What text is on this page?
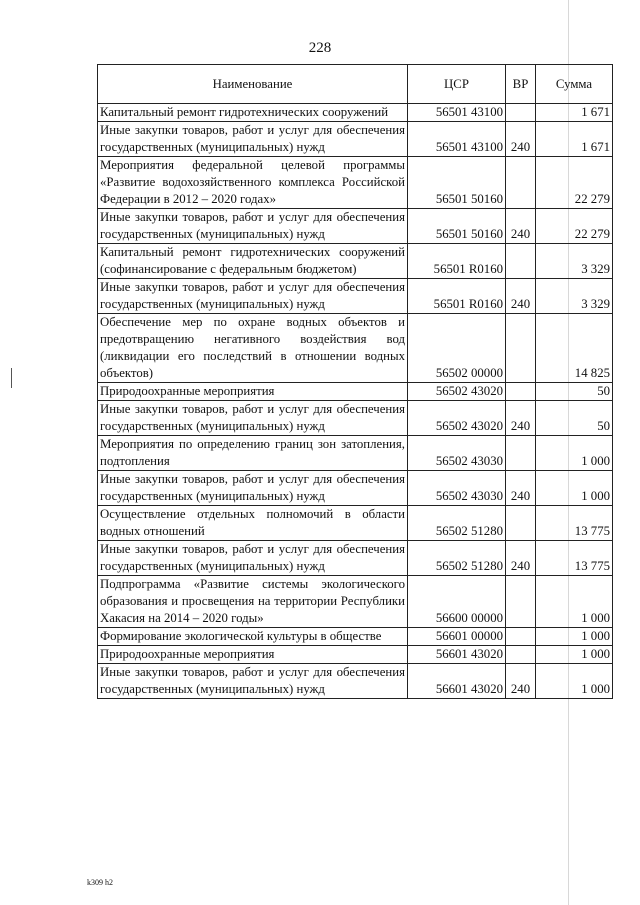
228
Наименование	ЦСР	ВР	Сумма
Капитальный ремонт гидротехнических сооружений	56501 43100		1 671
Иные закупки товаров, работ и услуг для обеспечения государственных (муниципальных) нужд	56501 43100	240	1 671
Мероприятия федеральной целевой программы «Развитие водохозяйственного комплекса Российской Федерации в 2012 – 2020 годах»	56501 50160		22 279
Иные закупки товаров, работ и услуг для обеспечения государственных (муниципальных) нужд	56501 50160	240	22 279
Капитальный ремонт гидротехнических сооружений (софинансирование с федеральным бюджетом)	56501 R0160		3 329
Иные закупки товаров, работ и услуг для обеспечения государственных (муниципальных) нужд	56501 R0160	240	3 329
Обеспечение мер по охране водных объектов и предотвращению негативного воздействия вод (ликвидации его последствий в отношении водных объектов)	56502 00000		14 825
Природоохранные мероприятия	56502 43020		50
Иные закупки товаров, работ и услуг для обеспечения государственных (муниципальных) нужд	56502 43020	240	50
Мероприятия по определению границ зон затопления, подтопления	56502 43030		1 000
Иные закупки товаров, работ и услуг для обеспечения государственных (муниципальных) нужд	56502 43030	240	1 000
Осуществление отдельных полномочий в области водных отношений	56502 51280		13 775
Иные закупки товаров, работ и услуг для обеспечения государственных (муниципальных) нужд	56502 51280	240	13 775
Подпрограмма «Развитие системы экологического образования и просвещения на территории Республики Хакасия на 2014 – 2020 годы»	56600 00000		1 000
Формирование экологической культуры в обществе	56601 00000		1 000
Природоохранные мероприятия	56601 43020		1 000
Иные закупки товаров, работ и услуг для обеспечения государственных (муниципальных) нужд	56601 43020	240	1 000
k309 h2
